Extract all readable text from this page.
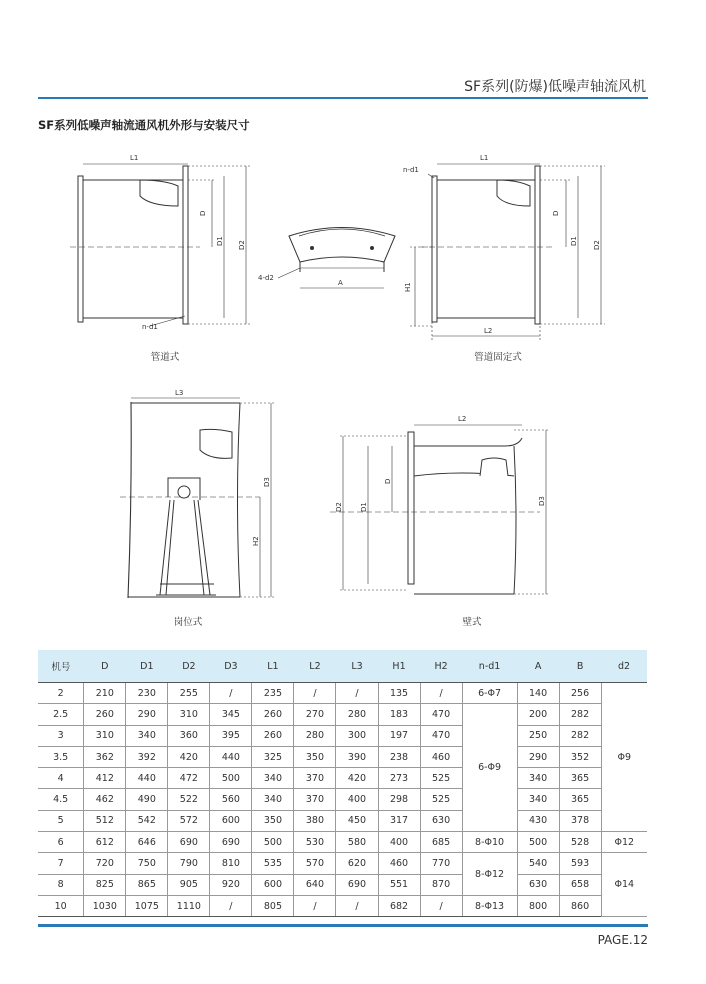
SF系列(防爆)低噪声轴流风机
SF系列低噪声轴流通风机外形与安装尺寸
L1
D
D1 D2
n-d1
A
4-d2
L1
n-d1
D
D1 D2
H1
L2
L3
D3
H2
L2
D2 D1
D
D3
管道式	管道固定式
岗位式	壁式
机号	D	D1	D2	D3	L1	L2	L3	H1	H2	n-d1	A	B	d2
2	210	230	255	/	235	/	/	135	/	6-Φ7	140	256	Φ9
2.5	260	290	310	345	260	270	280	183	470	6-Φ9	200	282	
3	310	340	360	395	260	280	300	197	470		250	282	
3.5	362	392	420	440	325	350	390	238	460		290	352	
4	412	440	472	500	340	370	420	273	525		340	365	
4.5	462	490	522	560	340	370	400	298	525		340	365	
5	512	542	572	600	350	380	450	317	630		430	378	
6	612	646	690	690	500	530	580	400	685	8-Φ10	500	528	Φ12
7	720	750	790	810	535	570	620	460	770	8-Φ12	540	593	Φ14
8	825	865	905	920	600	640	690	551	870		630	658	
10	1030	1075	1110	/	805	/	/	682	/	8-Φ13	800	860	
PAGE.12
